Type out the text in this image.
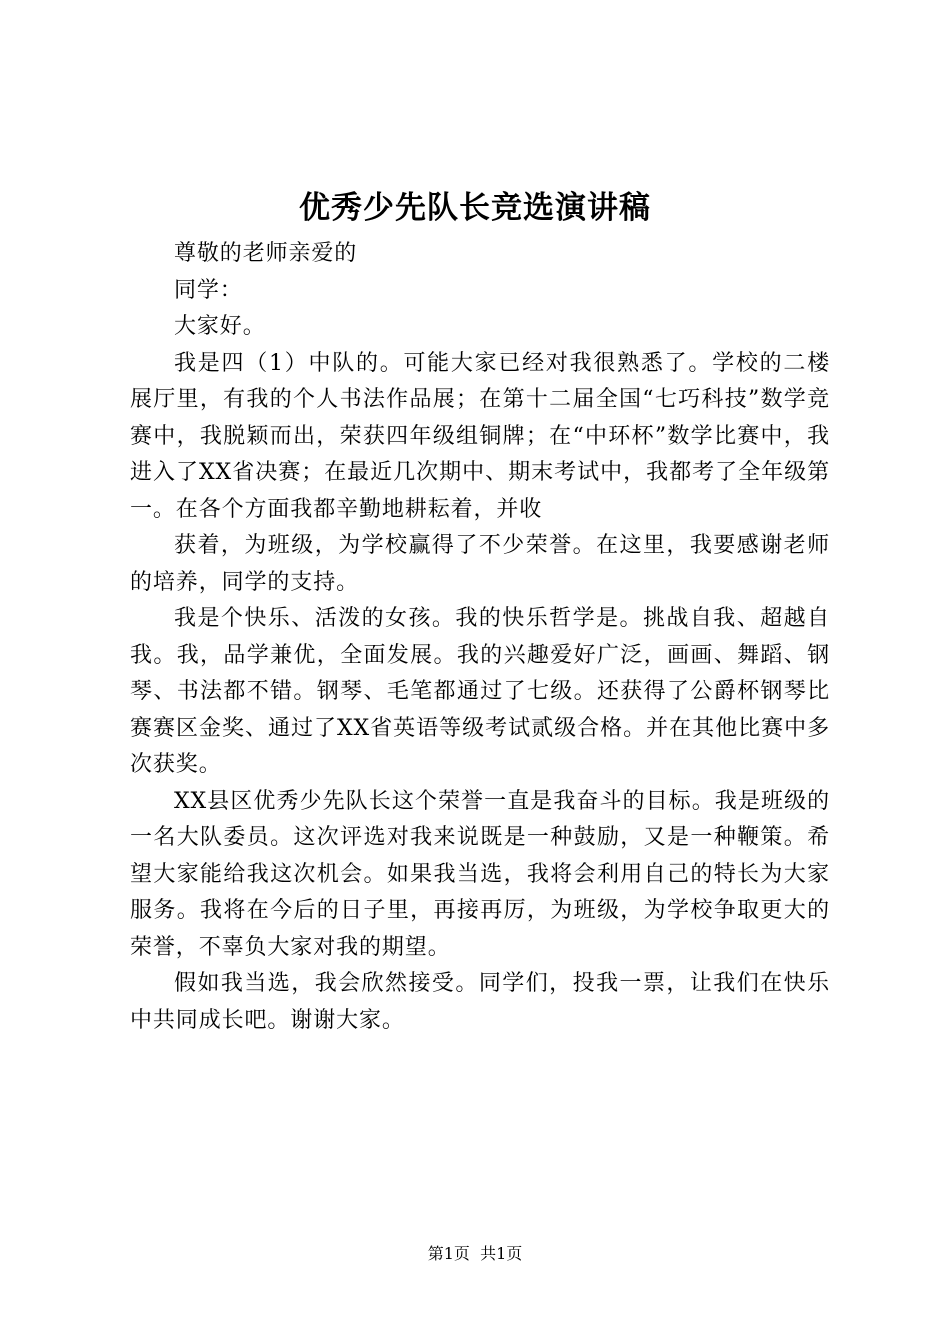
优秀少先队长竞选演讲稿

尊敬的老师亲爱的

同学：

大家好。

我是四（1）中队的。可能大家已经对我很熟悉了。学校的二楼展厅里，有我的个人书法作品展；在第十二届全国“七巧科技”数学竞赛中，我脱颖而出，荣获四年级组铜牌；在“中环杯”数学比赛中，我进入了XX省决赛；在最近几次期中、期末考试中，我都考了全年级第一。在各个方面我都辛勤地耕耘着，并收

获着，为班级，为学校赢得了不少荣誉。在这里，我要感谢老师的培养，同学的支持。

我是个快乐、活泼的女孩。我的快乐哲学是。挑战自我、超越自我。我，品学兼优，全面发展。我的兴趣爱好广泛，画画、舞蹈、钢琴、书法都不错。钢琴、毛笔都通过了七级。还获得了公爵杯钢琴比赛赛区金奖、通过了XX省英语等级考试贰级合格。并在其他比赛中多次获奖。

XX县区优秀少先队长这个荣誉一直是我奋斗的目标。我是班级的一名大队委员。这次评选对我来说既是一种鼓励，又是一种鞭策。希望大家能给我这次机会。如果我当选，我将会利用自己的特长为大家服务。我将在今后的日子里，再接再厉，为班级，为学校争取更大的荣誉，不辜负大家对我的期望。

假如我当选，我会欣然接受。同学们，投我一票，让我们在快乐中共同成长吧。谢谢大家。

第1页 共1页
